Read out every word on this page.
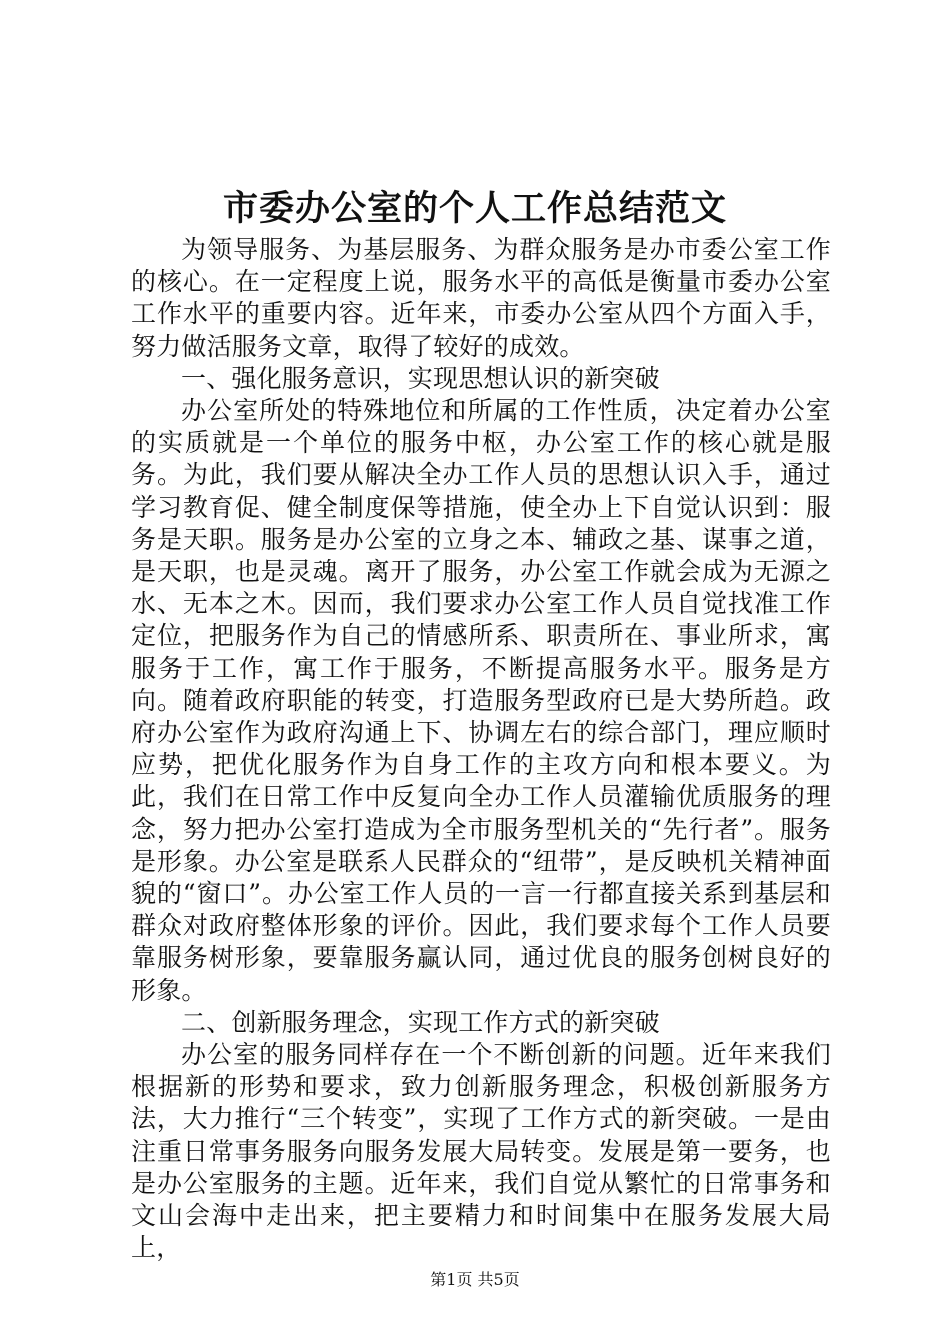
市委办公室的个人工作总结范文

为领导服务、为基层服务、为群众服务是办市委公室工作的核心。在一定程度上说，服务水平的高低是衡量市委办公室工作水平的重要内容。近年来，市委办公室从四个方面入手，努力做活服务文章，取得了较好的成效。

一、强化服务意识，实现思想认识的新突破

办公室所处的特殊地位和所属的工作性质，决定着办公室的实质就是一个单位的服务中枢，办公室工作的核心就是服务。为此，我们要从解决全办工作人员的思想认识入手，通过学习教育促、健全制度保等措施，使全办上下自觉认识到：服务是天职。服务是办公室的立身之本、辅政之基、谋事之道，是天职，也是灵魂。离开了服务，办公室工作就会成为无源之水、无本之木。因而，我们要求办公室工作人员自觉找准工作定位，把服务作为自己的情感所系、职责所在、事业所求，寓服务于工作，寓工作于服务，不断提高服务水平。服务是方向。随着政府职能的转变，打造服务型政府已是大势所趋。政府办公室作为政府沟通上下、协调左右的综合部门，理应顺时应势，把优化服务作为自身工作的主攻方向和根本要义。为此，我们在日常工作中反复向全办工作人员灌输优质服务的理念，努力把办公室打造成为全市服务型机关的“先行者”。服务是形象。办公室是联系人民群众的“纽带”，是反映机关精神面貌的“窗口”。办公室工作人员的一言一行都直接关系到基层和群众对政府整体形象的评价。因此，我们要求每个工作人员要靠服务树形象，要靠服务赢认同，通过优良的服务创树良好的形象。

二、创新服务理念，实现工作方式的新突破

办公室的服务同样存在一个不断创新的问题。近年来我们根据新的形势和要求，致力创新服务理念，积极创新服务方法，大力推行“三个转变”，实现了工作方式的新突破。一是由注重日常事务服务向服务发展大局转变。发展是第一要务，也是办公室服务的主题。近年来，我们自觉从繁忙的日常事务和文山会海中走出来，把主要精力和时间集中在服务发展大局上，

第1页 共5页
